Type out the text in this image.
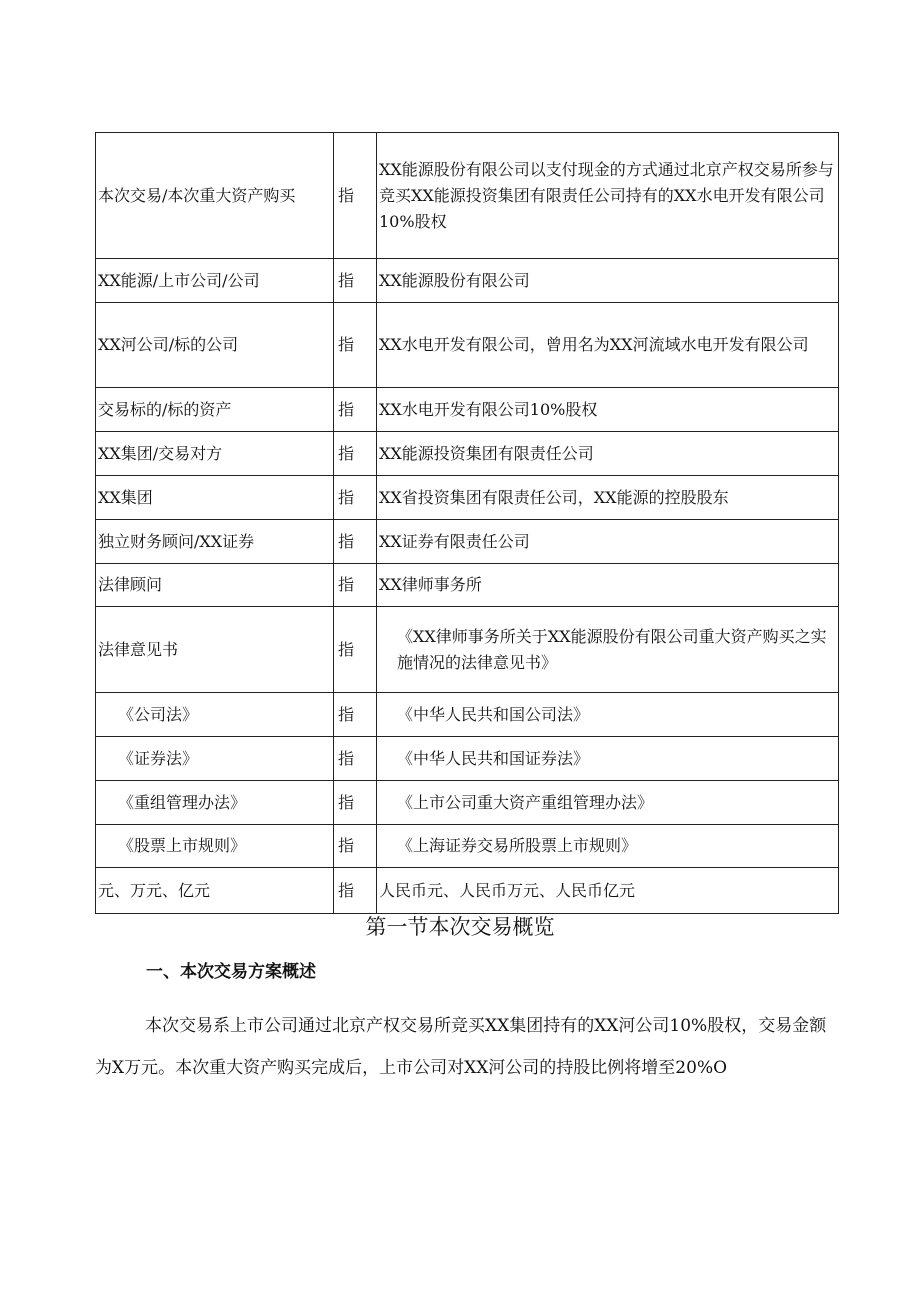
本次交易/本次重大资产购买	指	XX能源股份有限公司以支付现金的方式通过北京产权交易所参与竞买XX能源投资集团有限责任公司持有的XX水电开发有限公司10%股权
XX能源/上市公司/公司	指	XX能源股份有限公司
XX河公司/标的公司	指	XX水电开发有限公司，曾用名为XX河流域水电开发有限公司
交易标的/标的资产	指	XX水电开发有限公司10%股权
XX集团/交易对方	指	XX能源投资集团有限责任公司
XX集团	指	XX省投资集团有限责任公司，XX能源的控股股东
独立财务顾问/XX证券	指	XX证券有限责任公司
法律顾问	指	XX律师事务所
法律意见书	指	《XX律师事务所关于XX能源股份有限公司重大资产购买之实施情况的法律意见书》
《公司法》	指	《中华人民共和国公司法》
《证券法》	指	《中华人民共和国证券法》
《重组管理办法》	指	《上市公司重大资产重组管理办法》
《股票上市规则》	指	《上海证券交易所股票上市规则》
元、万元、亿元	指	人民币元、人民币万元、人民币亿元
第一节本次交易概览
一、本次交易方案概述

本次交易系上市公司通过北京产权交易所竞买XX集团持有的XX河公司10%股权，交易金额为X万元。本次重大资产购买完成后，上市公司对XX河公司的持股比例将增至20%O
